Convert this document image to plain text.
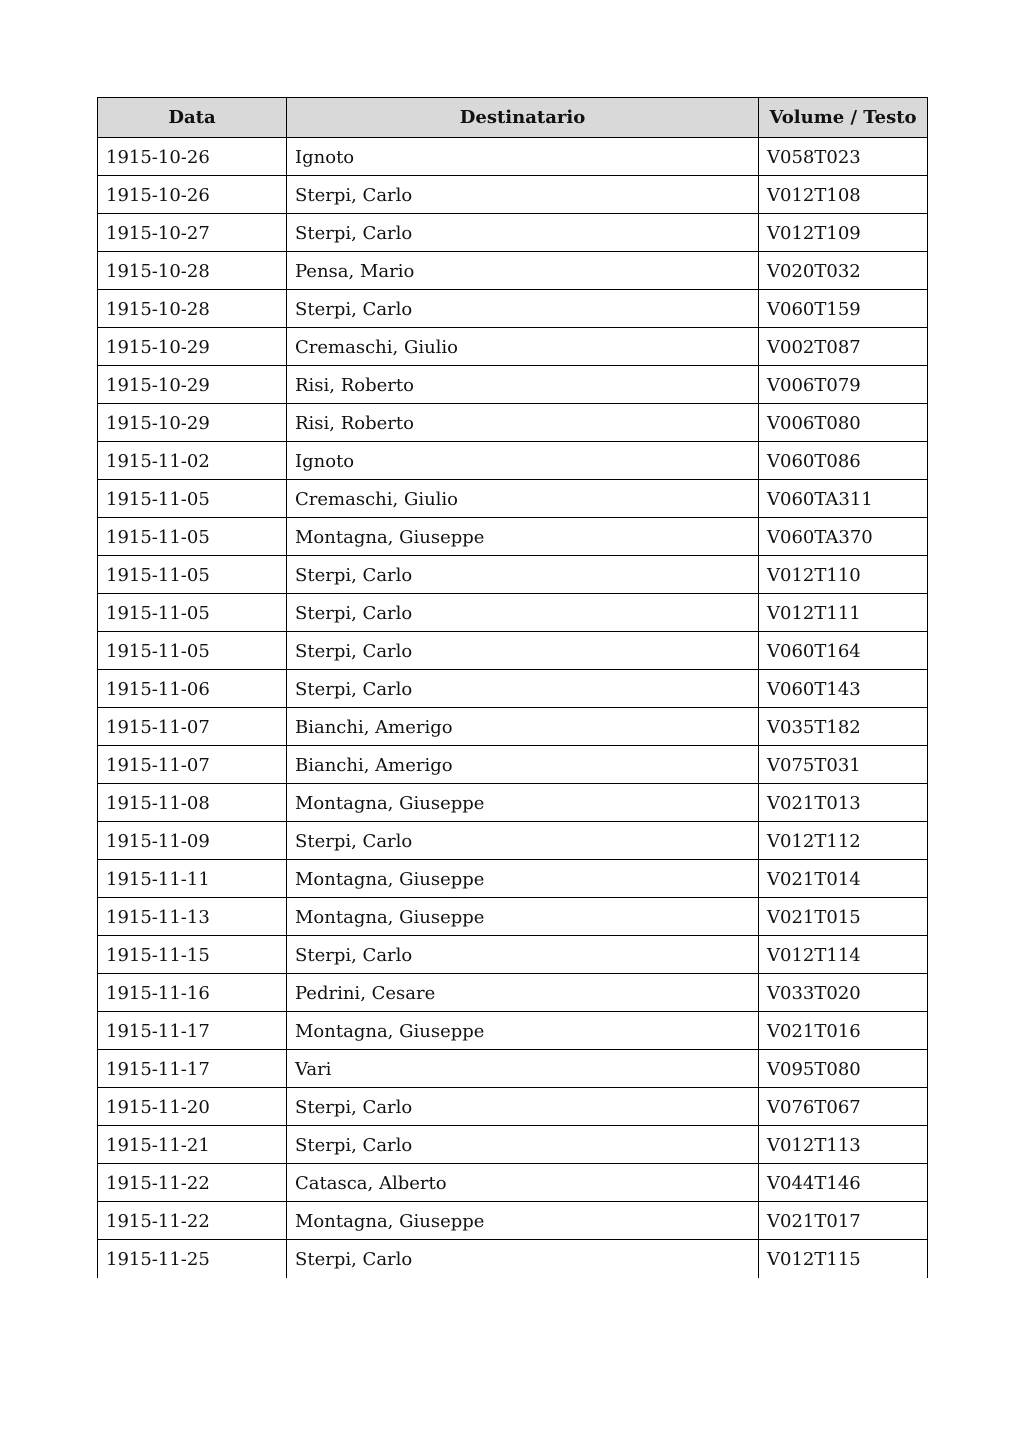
Data	Destinatario	Volume / Testo
1915-10-26	Ignoto	V058T023
1915-10-26	Sterpi, Carlo	V012T108
1915-10-27	Sterpi, Carlo	V012T109
1915-10-28	Pensa, Mario	V020T032
1915-10-28	Sterpi, Carlo	V060T159
1915-10-29	Cremaschi, Giulio	V002T087
1915-10-29	Risi, Roberto	V006T079
1915-10-29	Risi, Roberto	V006T080
1915-11-02	Ignoto	V060T086
1915-11-05	Cremaschi, Giulio	V060TA311
1915-11-05	Montagna, Giuseppe	V060TA370
1915-11-05	Sterpi, Carlo	V012T110
1915-11-05	Sterpi, Carlo	V012T111
1915-11-05	Sterpi, Carlo	V060T164
1915-11-06	Sterpi, Carlo	V060T143
1915-11-07	Bianchi, Amerigo	V035T182
1915-11-07	Bianchi, Amerigo	V075T031
1915-11-08	Montagna, Giuseppe	V021T013
1915-11-09	Sterpi, Carlo	V012T112
1915-11-11	Montagna, Giuseppe	V021T014
1915-11-13	Montagna, Giuseppe	V021T015
1915-11-15	Sterpi, Carlo	V012T114
1915-11-16	Pedrini, Cesare	V033T020
1915-11-17	Montagna, Giuseppe	V021T016
1915-11-17	Vari	V095T080
1915-11-20	Sterpi, Carlo	V076T067
1915-11-21	Sterpi, Carlo	V012T113
1915-11-22	Catasca, Alberto	V044T146
1915-11-22	Montagna, Giuseppe	V021T017
1915-11-25	Sterpi, Carlo	V012T115
